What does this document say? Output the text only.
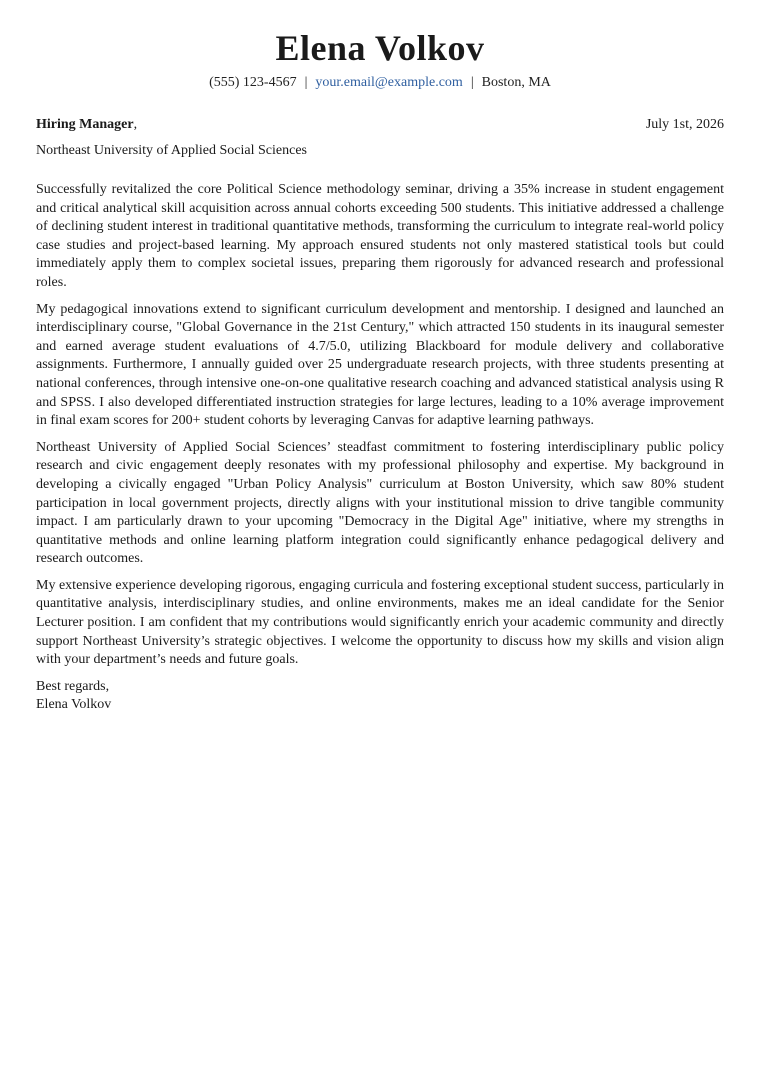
Elena Volkov
(555) 123-4567 | your.email@example.com | Boston, MA
Hiring Manager,	July 1st, 2026
Northeast University of Applied Social Sciences

Successfully revitalized the core Political Science methodology seminar, driving a 35% increase in student engagement and critical analytical skill acquisition across annual cohorts exceeding 500 students. This initiative addressed a challenge of declining student interest in traditional quantitative methods, transforming the curriculum to integrate real-world policy case studies and project-based learning. My approach ensured students not only mastered statistical tools but could immediately apply them to complex societal issues, preparing them rigorously for advanced research and professional roles.

My pedagogical innovations extend to significant curriculum development and mentorship. I designed and launched an interdisciplinary course, "Global Governance in the 21st Century," which attracted 150 students in its inaugural semester and earned average student evaluations of 4.7/5.0, utilizing Blackboard for module delivery and collaborative assignments. Furthermore, I annually guided over 25 undergraduate research projects, with three students presenting at national conferences, through intensive one-on-one qualitative research coaching and advanced statistical analysis using R and SPSS. I also developed differentiated instruction strategies for large lectures, leading to a 10% average improvement in final exam scores for 200+ student cohorts by leveraging Canvas for adaptive learning pathways.

Northeast University of Applied Social Sciences’ steadfast commitment to fostering interdisciplinary public policy research and civic engagement deeply resonates with my professional philosophy and expertise. My background in developing a civically engaged "Urban Policy Analysis" curriculum at Boston University, which saw 80% student participation in local government projects, directly aligns with your institutional mission to drive tangible community impact. I am particularly drawn to your upcoming "Democracy in the Digital Age" initiative, where my strengths in quantitative methods and online learning platform integration could significantly enhance pedagogical delivery and research outcomes.

My extensive experience developing rigorous, engaging curricula and fostering exceptional student success, particularly in quantitative analysis, interdisciplinary studies, and online environments, makes me an ideal candidate for the Senior Lecturer position. I am confident that my contributions would significantly enrich your academic community and directly support Northeast University’s strategic objectives. I welcome the opportunity to discuss how my skills and vision align with your department’s needs and future goals.

Best regards,
Elena Volkov
